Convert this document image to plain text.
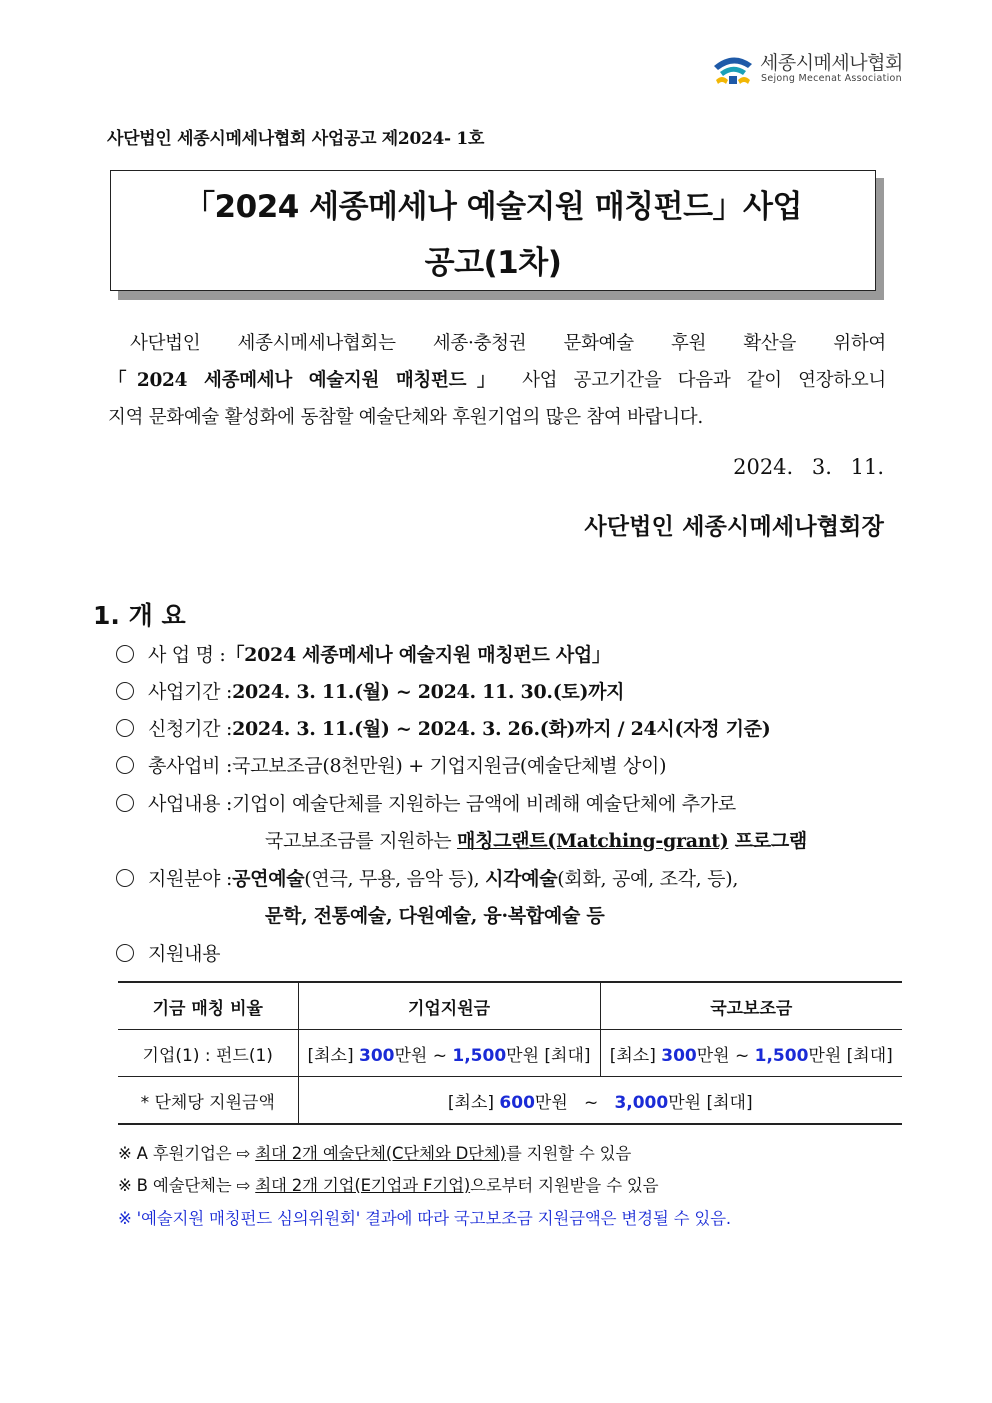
세종시메세나협회
Sejong Mecenat Association
사단법인 세종시메세나협회 사업공고 제2024- 1호
「2024 세종메세나 예술지원 매칭펀드」사업
공고(1차)

사단법인 세종시메세나협회는 세종·충청권 문화예술 후원 확산을 위하여

「2024 세종메세나 예술지원 매칭펀드」 사업 공고기간을 다음과 같이 연장하오니

지역 문화예술 활성화에 동참할 예술단체와 후원기업의 많은 참여 바랍니다.

2024. 3. 11.
사단법인 세종시메세나협회장
1. 개 요
사 업 명 :「2024 세종메세나 예술지원 매칭펀드 사업」
사업기간 :2024. 3. 11.(월) ~ 2024. 11. 30.(토)까지
신청기간 :2024. 3. 11.(월) ~ 2024. 3. 26.(화)까지 / 24시(자정 기준)
총사업비 :국고보조금(8천만원) + 기업지원금(예술단체별 상이)
사업내용 :기업이 예술단체를 지원하는 금액에 비례해 예술단체에 추가로
국고보조금를 지원하는 매칭그랜트(Matching-grant) 프로그램
지원분야 :공연예술(연극, 무용, 음악 등), 시각예술(회화, 공예, 조각, 등),
문학, 전통예술, 다원예술, 융·복합예술 등
지원내용
기금 매칭 비율	기업지원금	국고보조금
기업(1) : 펀드(1)	[최소] 300만원 ~ 1,500만원 [최대]	[최소] 300만원 ~ 1,500만원 [최대]
* 단체당 지원금액	[최소] 600만원   ~   3,000만원 [최대]	
※ A 후원기업은 ⇨ 최대 2개 예술단체(C단체와 D단체)를 지원할 수 있음
※ B 예술단체는 ⇨ 최대 2개 기업(E기업과 F기업)으로부터 지원받을 수 있음
※ '예술지원 매칭펀드 심의위원회' 결과에 따라 국고보조금 지원금액은 변경될 수 있음.
